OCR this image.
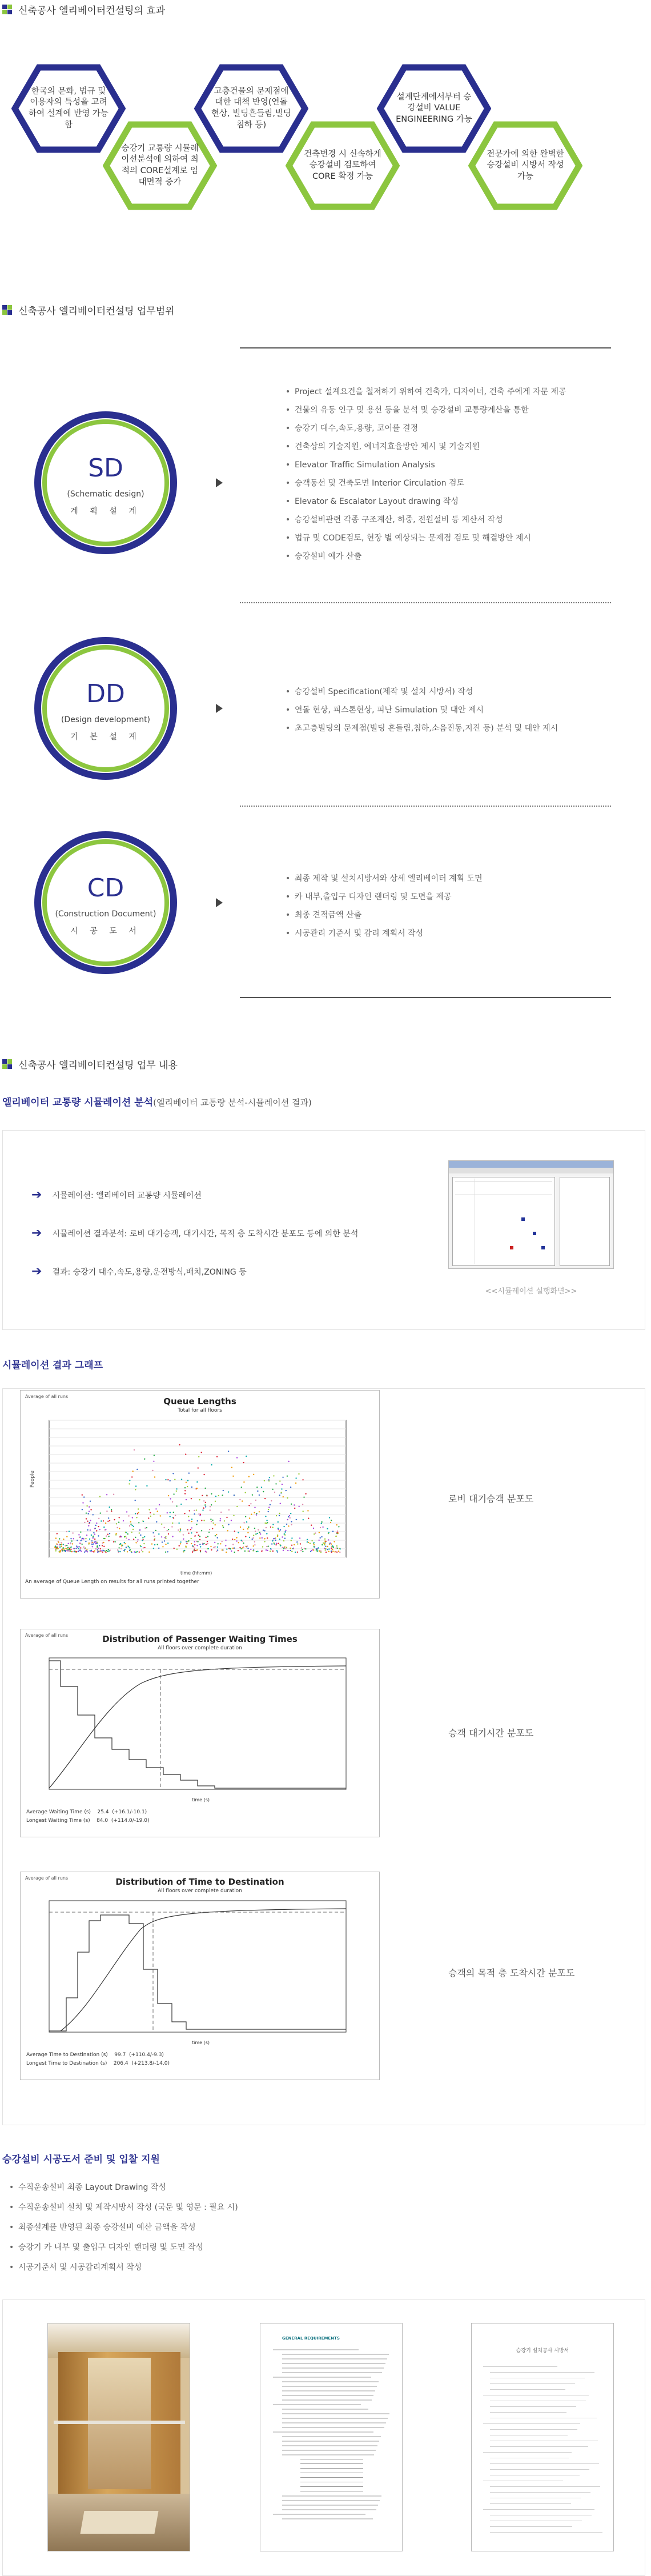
신축공사 엘리베이터컨설팅의 효과
한국의 문화, 법규 및 이용자의 특성을 고려하여 설계에 반영 가능함
승강기 교통량 시뮬레이션분석에 의하여 최적의 CORE설계로 임대면적 증가
고층건물의 문제점에 대한 대책 반영(연돌현상, 빌딩흔들림,빌딩침하 등)
건축변경 시 신속하게 승강설비 검토하여 CORE 확정 가능
설계단계에서부터 승강설비 VALUE ENGINEERING 가능
전문가에 의한 완벽한 승강설비 시방서 작성 가능
신축공사 엘리베이터컨설팅 업무범위
SD
(Schematic design)
계 획 설 계
• Project 설계요건을 철저하기 위하여 건축가, 디자이너, 건축 주에게 자문 제공
• 건물의 유동 인구 및 용선 등을 분석 및 승강설비 교통량계산을 통한
• 승강기 대수,속도,용량, 코어를 결정
• 건축상의 기술지원, 에너지효율방안 제시 및 기술지원
• Elevator Traffic Simulation Analysis
• 승객동선 및 건축도면 Interior Circulation 검토
• Elevator & Escalator Layout drawing 작성
• 승강설비관련 각종 구조계산, 하중, 전원설비 등 계산서 작성
• 법규 및 CODE검토, 현장 별 예상되는 문제점 검토 및 해결방안 제시
• 승강설비 예가 산출
DD
(Design development)
기 본 설 계
• 승강설비 Specification(제작 및 설치 시방서) 작성
• 연돌 현상, 피스톤현상, 피난 Simulation 및 대안 제시
• 초고층빌딩의 문제점(빌딩 흔들림,침하,소음진동,지진 등) 분석 및 대안 제시
CD
(Construction Document)
시 공 도 서
• 최종 제작 및 설치시방서와 상세 엘리베이터 계획 도면
• 카 내부,출입구 디자인 랜더링 및 도면을 제공
• 최종 견적금액 산출
• 시공관리 기준서 및 감리 계획서 작성
신축공사 엘리베이터컨설팅 업무 내용
엘리베이터 교통량 시뮬레이션 분석(엘리베이터 교통량 분석-시뮬레이션 결과)
➔ 시뮬레이션: 엘리베이터 교통량 시뮬레이션
➔ 시뮬레이션 결과분석: 로비 대기승객, 대기시간, 목적 층 도착시간 분포도 등에 의한 분석
➔ 결과: 승강기 대수,속도,용량,운전방식,배치,ZONING 등
<<시뮬레이션 실행화면>>
시뮬레이션 결과 그래프
Average of all runs	Queue Lengths
Total for all floors
People
time (hh:mm)
An average of Queue Length on results for all runs printed together
로비 대기승객 분포도
Average of all runs	Distribution of Passenger Waiting Times
All floors over complete duration
time (s)
Average Waiting Time (s)    25.4  (+16.1/-10.1)
Longest Waiting Time (s)    84.0  (+114.0/-19.0)
승객 대기시간 분포도
Average of all runs	Distribution of Time to Destination
All floors over complete duration
time (s)
Average Time to Destination (s)    99.7  (+110.4/-9.3)
Longest Time to Destination (s)    206.4  (+213.8/-14.0)
승객의 목적 층 도착시간 분포도
승강설비 시공도서 준비 및 입찰 지원
• 수직운송설비 최종 Layout Drawing 작성
• 수직운송설비 설치 및 제작시방서 작성 (국문 및 영문 : 필요 시)
• 최종설계를 반영된 최종 승강설비 예산 금액을 작성
• 승강기 카 내부 및 출입구 디자인 랜더링 및 도면 작성
• 시공기준서 및 시공감리계획서 작성
GENERAL REQUIREMENTS
승강기 설치공사 시방서
